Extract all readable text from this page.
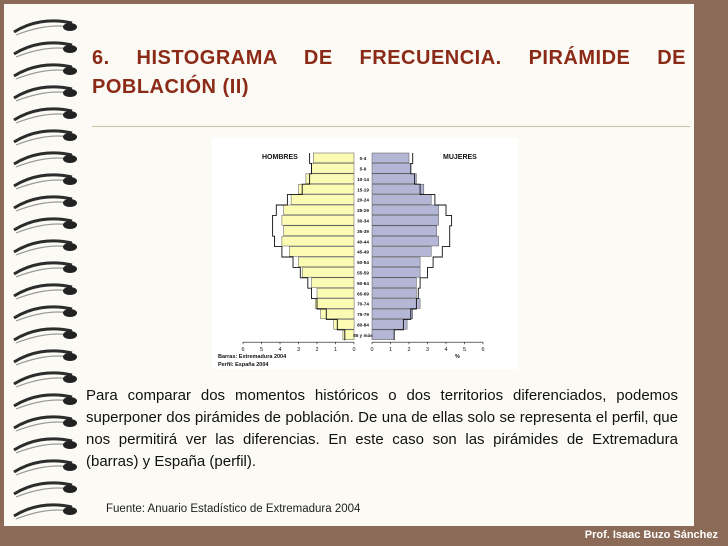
6. HISTOGRAMA DE FRECUENCIA. PIRÁMIDE DE
POBLACIÓN (II)
HOMBRES	MUJERES
85 y más
80-84
75-79
70-74
65-69
60-64
55-59
50-54
45-49
40-44
35-39
30-34
25-29
20-24
15-19
10-14
5-9
0-4
6	5	4	3	2	1	0	0	1	2	3	4	5	6
%
Barras: Extremadura 2004
Perfil: España 2004
Para comparar dos momentos históricos o dos territorios diferenciados, podemos superponer dos pirámides de población. De una de ellas solo se representa el perfil, que nos permitirá ver las diferencias. En este caso son las pirámides de Extremadura (barras) y España (perfil).
Fuente: Anuario Estadístico de Extremadura 2004
Prof. Isaac Buzo Sánchez
